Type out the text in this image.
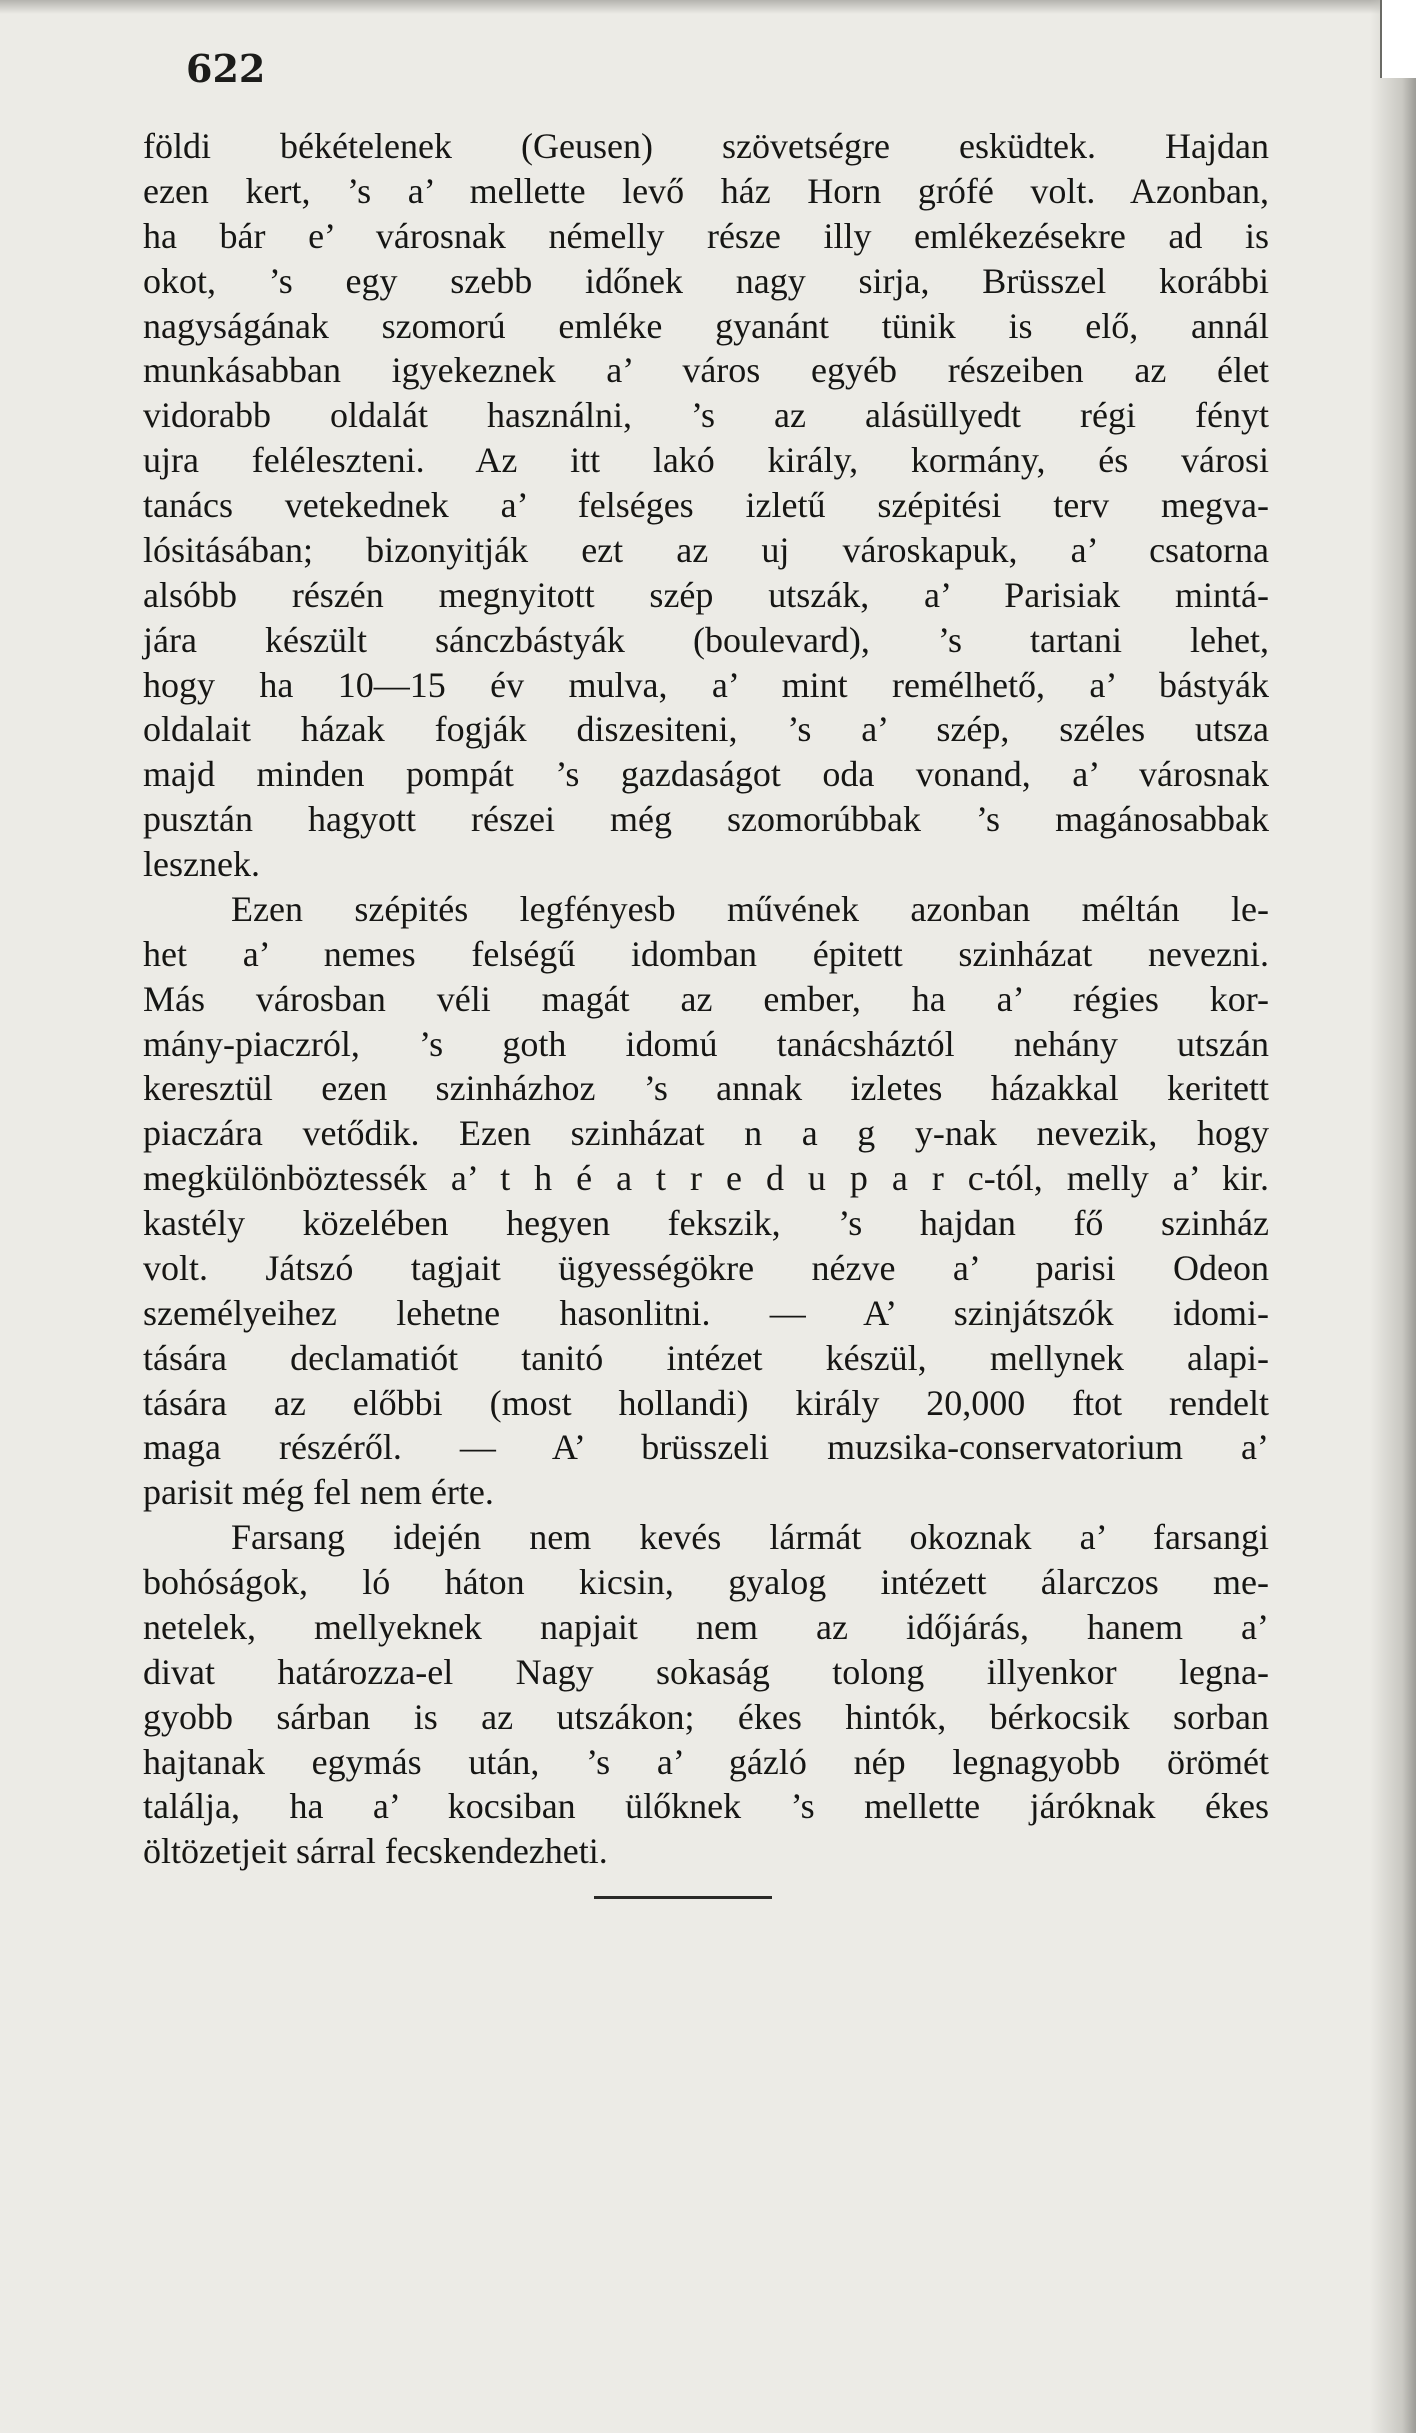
622

földi békételenek (Geusen) szövetségre esküdtek. Hajdan
ezen kert, ’s a’ mellette levő ház Horn grófé volt. Azonban,
ha bár e’ városnak némelly része illy emlékezésekre ad is
okot, ’s egy szebb időnek nagy sirja, Brüsszel korábbi
nagyságának szomorú emléke gyanánt tünik is elő, annál
munkásabban igyekeznek a’ város egyéb részeiben az élet
vidorabb oldalát használni, ’s az alásüllyedt régi fényt
ujra feléleszteni. Az itt lakó király, kormány, és városi
tanács vetekednek a’ felséges izletű szépitési terv megva-
lósitásában; bizonyitják ezt az uj városkapuk, a’ csatorna
alsóbb részén megnyitott szép utszák, a’ Parisiak mintá-
jára készült sánczbástyák (boulevard), ’s tartani lehet,
hogy ha 10—15 év mulva, a’ mint remélhető, a’ bástyák
oldalait házak fogják diszesiteni, ’s a’ szép, széles utsza
majd minden pompát ’s gazdaságot oda vonand, a’ városnak
pusztán hagyott részei még szomorúbbak ’s magánosabbak
lesznek.
Ezen szépités legfényesb művének azonban méltán le-
het a’ nemes felségű idomban épitett szinházat nevezni.
Más városban véli magát az ember, ha a’ régies kor-
mány-piaczról, ’s goth idomú tanácsháztól nehány utszán
keresztül ezen szinházhoz ’s annak izletes házakkal keritett
piaczára vetődik. Ezen szinházat n a g y-nak nevezik, hogy
megkülönböztessék a’ t h é a t r e d u p a r c-tól, melly a’ kir.
kastély közelében hegyen fekszik, ’s hajdan fő szinház
volt. Játszó tagjait ügyességökre nézve a’ parisi Odeon
személyeihez lehetne hasonlitni. — A’ szinjátszók idomi-
tására declamatiót tanitó intézet készül, mellynek alapi-
tására az előbbi (most hollandi) király 20,000 ftot rendelt
maga részéről. — A’ brüsszeli muzsika-conservatorium a’
parisit még fel nem érte.
Farsang idején nem kevés lármát okoznak a’ farsangi
bohóságok, ló háton kicsin, gyalog intézett álarczos me-
netelek, mellyeknek napjait nem az időjárás, hanem a’
divat határozza-el Nagy sokaság tolong illyenkor legna-
gyobb sárban is az utszákon; ékes hintók, bérkocsik sorban
hajtanak egymás után, ’s a’ gázló nép legnagyobb örömét
találja, ha a’ kocsiban ülőknek ’s mellette járóknak ékes
öltözetjeit sárral fecskendezheti.
